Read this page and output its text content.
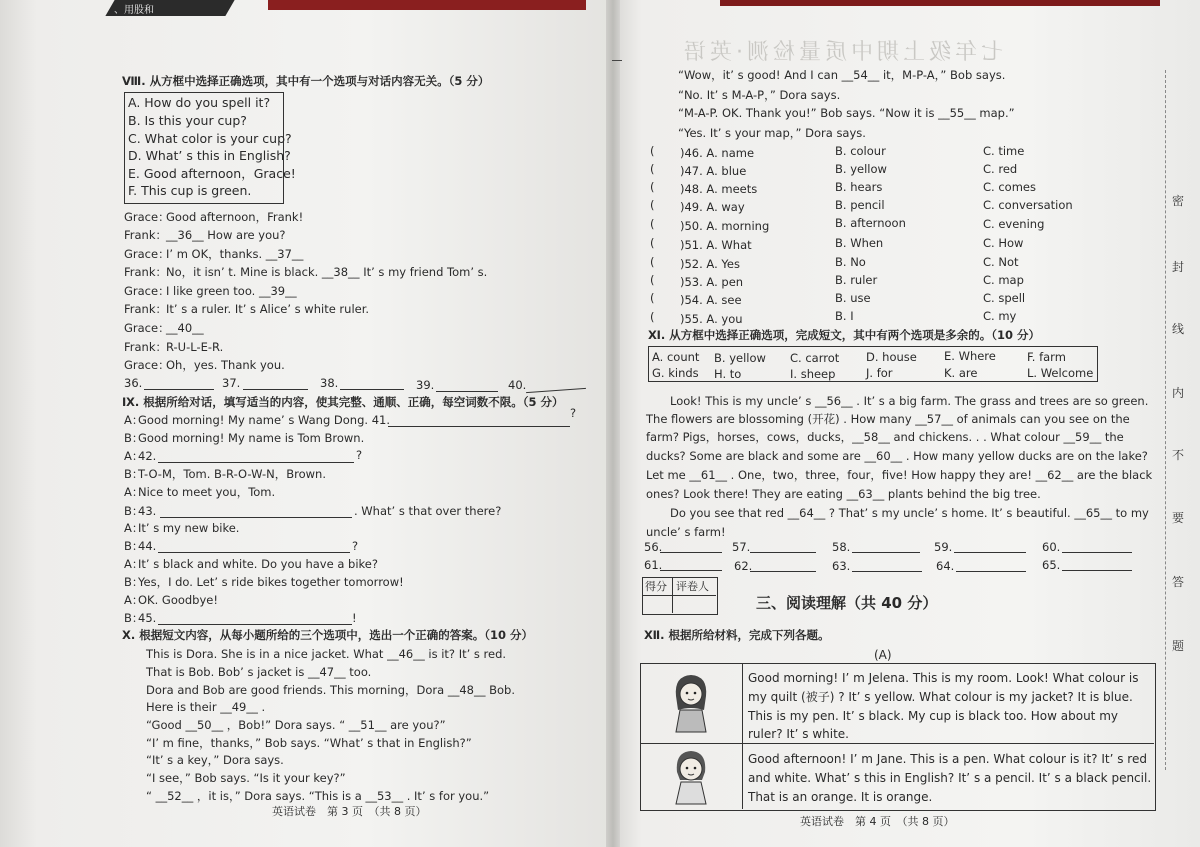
、用股和
Ⅷ. 从方框中选择正确选项，其中有一个选项与对话内容无关。（5 分）
A. How do you spell it?
B. Is this your cup?
C. What color is your cup?
D. What’ s this in English?
E. Good afternoon，Grace!
F. This cup is green.
Grace：
Good afternoon，Frank!
Frank：
__36__ How are you?
Grace：
I’ m OK，thanks. __37__
Frank：
No，it isn’ t. Mine is black. __38__ It’ s my friend Tom’ s.
Grace：
I like green too. __39__
Frank：
It’ s a ruler. It’ s Alice’ s white ruler.
Grace：
__40__
Frank：
R-U-L-E-R.
Grace：
Oh，yes. Thank you.
36.	37.	38.	39.	40.
Ⅸ. 根据所给对话，填写适当的内容，使其完整、通顺、正确，每空词数不限。（5 分）
A：
Good morning! My name’ s Wang Dong. 41.	?
B：
Good morning! My name is Tom Brown.
A：
42.	?
B：
T-O-M，Tom. B-R-O-W-N，Brown.
A：
Nice to meet you，Tom.
B：
43.	. What’ s that over there?
A：
It’ s my new bike.
B：
44.	?
A：
It’ s black and white. Do you have a bike?
B：
Yes，I do. Let’ s ride bikes together tomorrow!
A：
OK. Goodbye!
B：
45.	!
Ⅹ. 根据短文内容，从每小题所给的三个选项中，选出一个正确的答案。（10 分）
This is Dora. She is in a nice jacket. What __46__ is it? It’ s red.
That is Bob. Bob’ s jacket is __47__ too.
Dora and Bob are good friends. This morning，Dora __48__ Bob.
Here is their __49__ .
“Good __50__ ，Bob!” Dora says. “ __51__ are you?”
“I’ m fine，thanks，” Bob says. “What’ s that in English?”
“It’ s a key，” Dora says.
“I see，” Bob says. “Is it your key?”
“ __52__ ，it is，” Dora says. “This is a __53__ . It’ s for you.”
英语试卷　第 3 页　（共 8 页）
七年级上期中质量检测·英语
“Wow，it’ s good! And I can __54__ it，M-P-A，” Bob says.
“No. It’ s M-A-P，” Dora says.
“M-A-P. OK. Thank you!” Bob says. “Now it is __55__ map.”
“Yes. It’ s your map，” Dora says.
( )46. A. name	B. colour	C. time
( )47. A. blue	B. yellow	C. red
( )48. A. meets	B. hears	C. comes
( )49. A. way	B. pencil	C. conversation
( )50. A. morning	B. afternoon	C. evening
( )51. A. What	B. When	C. How
( )52. A. Yes	B. No	C. Not
( )53. A. pen	B. ruler	C. map
( )54. A. see	B. use	C. spell
( )55. A. you	B. I	C. my
Ⅺ. 从方框中选择正确选项，完成短文，其中有两个选项是多余的。（10 分）
A. count B. yellow C. carrot D. house E. Where	F. farm
G. kinds H. to	I. sheep	J. for	K. are	L. Welcome
Look! This is my uncle’ s __56__ . It’ s a big farm. The grass and trees are so green.
The flowers are blossoming (开花) . How many __57__ of animals can you see on the
farm? Pigs，horses，cows，ducks，__58__ and chickens. . . What colour __59__ the
ducks? Some are black and some are __60__ . How many yellow ducks are on the lake?
Let me __61__ . One，two，three，four，five! How happy they are! __62__ are the black
ones? Look there! They are eating __63__ plants behind the big tree.
Do you see that red __64__ ? That’ s my uncle’ s home. It’ s beautiful. __65__ to my
uncle’ s farm!
56.	57.	58.	59.	60.
61.	62.	63.	64.	65.
得分 评卷人
三、阅读理解（共 40 分）
Ⅻ. 根据所给材料，完成下列各题。
(A)
Good morning! I’ m Jelena. This is my room. Look! What colour is
my quilt (被子) ? It’ s yellow. What colour is my jacket? It is blue.
This is my pen. It’ s black. My cup is black too. How about my
ruler? It’ s white.
Good afternoon! I’ m Jane. This is a pen. What colour is it? It’ s red
and white. What’ s this in English? It’ s a pencil. It’ s a black pencil.
That is an orange. It is orange.
英语试卷　第 4 页　（共 8 页）
密
封
线
内
不
要
答
题
